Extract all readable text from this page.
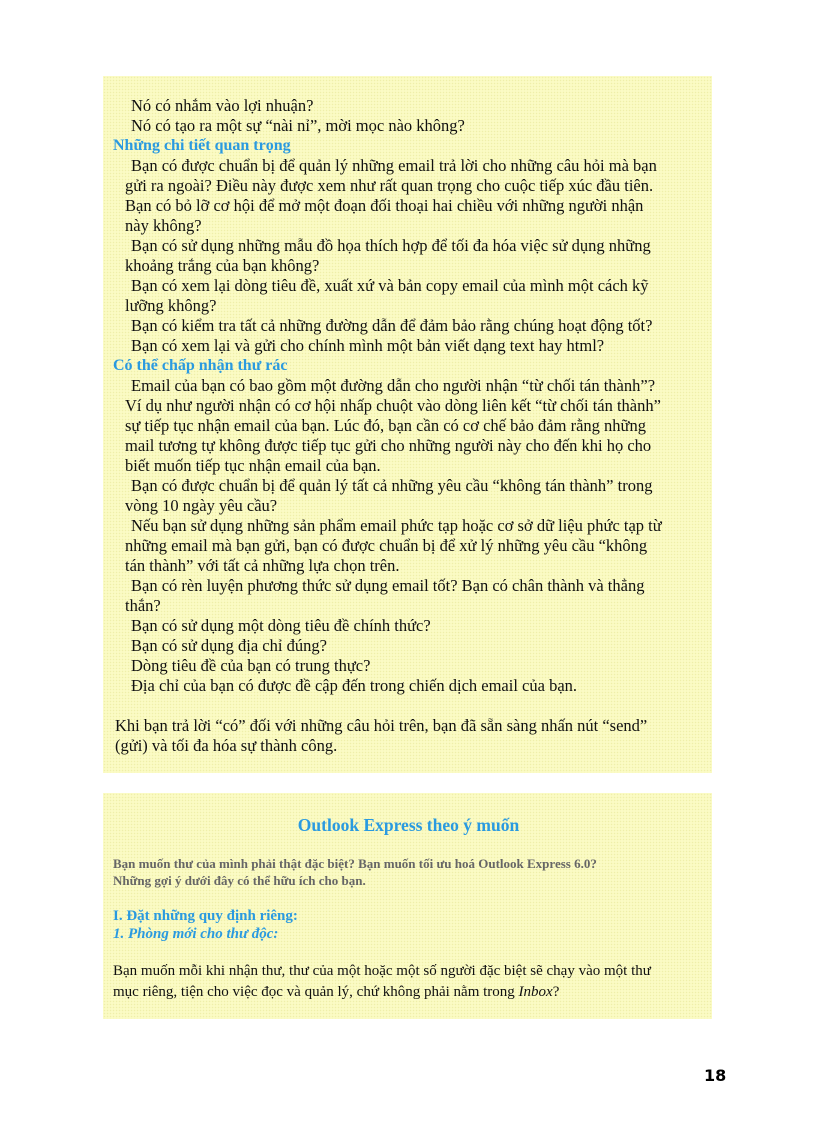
Nó có nhắm vào lợi nhuận?

Nó có tạo ra một sự “nài nỉ”, mời mọc nào không?

Những chi tiết quan trọng

Bạn có được chuẩn bị để quản lý những email trả lời cho những câu hỏi mà bạn

gửi ra ngoài? Điều này được xem như rất quan trọng cho cuộc tiếp xúc đầu tiên.

Bạn có bỏ lỡ cơ hội để mở một đoạn đối thoại hai chiều với những người nhận

này không?

Bạn có sử dụng những mẫu đồ họa thích hợp để tối đa hóa việc sử dụng những

khoảng trắng của bạn không?

Bạn có xem lại dòng tiêu đề, xuất xứ và bản copy email của mình một cách kỹ

lưỡng không?

Bạn có kiểm tra tất cả những đường dẫn để đảm bảo rằng chúng hoạt động tốt?

Bạn có xem lại và gửi cho chính mình một bản viết dạng text hay html?

Có thể chấp nhận thư rác

Email của bạn có bao gồm một đường dẫn cho người nhận “từ chối tán thành”?

Ví dụ như người nhận có cơ hội nhấp chuột vào dòng liên kết “từ chối tán thành”

sự tiếp tục nhận email của bạn. Lúc đó, bạn cần có cơ chế bảo đảm rằng những

mail tương tự không được tiếp tục gửi cho những người này cho đến khi họ cho

biết muốn tiếp tục nhận email của bạn.

Bạn có được chuẩn bị để quản lý tất cả những yêu cầu “không tán thành” trong

vòng 10 ngày yêu cầu?

Nếu bạn sử dụng những sản phẩm email phức tạp hoặc cơ sở dữ liệu phức tạp từ

những email mà bạn gửi, bạn có được chuẩn bị để xử lý những yêu cầu “không

tán thành” với tất cả những lựa chọn trên.

Bạn có rèn luyện phương thức sử dụng email tốt? Bạn có chân thành và thẳng

thắn?

Bạn có sử dụng một dòng tiêu đề chính thức?

Bạn có sử dụng địa chỉ đúng?

Dòng tiêu đề của bạn có trung thực?

Địa chỉ của bạn có được đề cập đến trong chiến dịch email của bạn.

Khi bạn trả lời “có” đối với những câu hỏi trên, bạn đã sẵn sàng nhấn nút “send”

(gửi) và tối đa hóa sự thành công.

Outlook Express theo ý muốn

Bạn muốn thư của mình phải thật đặc biệt? Bạn muốn tối ưu hoá Outlook Express 6.0?

Những gợi ý dưới đây có thể hữu ích cho bạn.

I. Đặt những quy định riêng:

1. Phòng mới cho thư độc:

Bạn muốn mỗi khi nhận thư, thư của một hoặc một số người đặc biệt sẽ chạy vào một thư

mục riêng, tiện cho việc đọc và quản lý, chứ không phải nằm trong Inbox?

18
